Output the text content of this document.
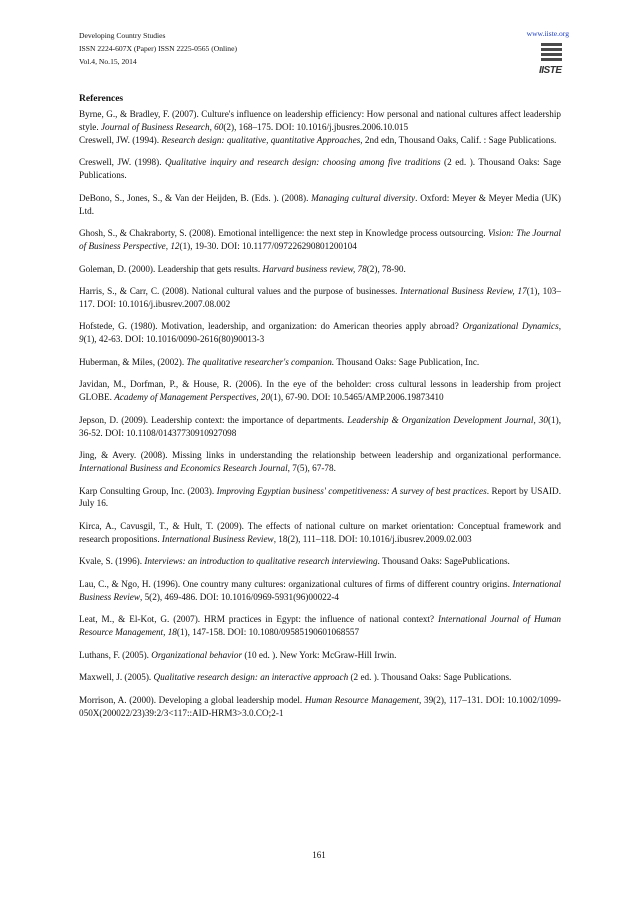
Developing Country Studies
ISSN 2224-607X (Paper) ISSN 2225-0565 (Online)
Vol.4, No.15, 2014
www.iiste.org
IISTE
References

Byrne, G., & Bradley, F. (2007). Culture's influence on leadership efficiency: How personal and national cultures affect leadership style. Journal of Business Research, 60(2), 168–175. DOI: 10.1016/j.jbusres.2006.10.015

Creswell, JW. (1994). Research design: qualitative, quantitative Approaches, 2nd edn, Thousand Oaks, Calif. : Sage Publications.

Creswell, JW. (1998). Qualitative inquiry and research design: choosing among five traditions (2 ed. ). Thousand Oaks: Sage Publications.

DeBono, S., Jones, S., & Van der Heijden, B. (Eds. ). (2008). Managing cultural diversity. Oxford: Meyer & Meyer Media (UK) Ltd.

Ghosh, S., & Chakraborty, S. (2008). Emotional intelligence: the next step in Knowledge process outsourcing. Vision: The Journal of Business Perspective, 12(1), 19-30. DOI: 10.1177/097226290801200104

Goleman, D. (2000). Leadership that gets results. Harvard business review, 78(2), 78-90.

Harris, S., & Carr, C. (2008). National cultural values and the purpose of businesses. International Business Review, 17(1), 103–117. DOI: 10.1016/j.ibusrev.2007.08.002

Hofstede, G. (1980). Motivation, leadership, and organization: do American theories apply abroad? Organizational Dynamics, 9(1), 42-63. DOI: 10.1016/0090-2616(80)90013-3

Huberman, & Miles, (2002). The qualitative researcher's companion. Thousand Oaks: Sage Publication, Inc.

Javidan, M., Dorfman, P., & House, R. (2006). In the eye of the beholder: cross cultural lessons in leadership from project GLOBE. Academy of Management Perspectives, 20(1), 67-90. DOI: 10.5465/AMP.2006.19873410

Jepson, D. (2009). Leadership context: the importance of departments. Leadership & Organization Development Journal, 30(1), 36-52. DOI: 10.1108/01437730910927098

Jing, & Avery. (2008). Missing links in understanding the relationship between leadership and organizational performance. International Business and Economics Research Journal, 7(5), 67-78.

Karp Consulting Group, Inc. (2003). Improving Egyptian business' competitiveness: A survey of best practices. Report by USAID. July 16.

Kirca, A., Cavusgil, T., & Hult, T. (2009). The effects of national culture on market orientation: Conceptual framework and research propositions. International Business Review, 18(2), 111–118. DOI: 10.1016/j.ibusrev.2009.02.003

Kvale, S. (1996). Interviews: an introduction to qualitative research interviewing. Thousand Oaks: SagePublications.

Lau, C., & Ngo, H. (1996). One country many cultures: organizational cultures of firms of different country origins. International Business Review, 5(2), 469-486. DOI: 10.1016/0969-5931(96)00022-4

Leat, M., & El-Kot, G. (2007). HRM practices in Egypt: the influence of national context? International Journal of Human Resource Management, 18(1), 147-158. DOI: 10.1080/09585190601068557

Luthans, F. (2005). Organizational behavior (10 ed. ). New York: McGraw-Hill Irwin.

Maxwell, J. (2005). Qualitative research design: an interactive approach (2 ed. ). Thousand Oaks: Sage Publications.

Morrison, A. (2000). Developing a global leadership model. Human Resource Management, 39(2), 117–131. DOI: 10.1002/1099-050X(200022/23)39:2/3<117::AID-HRM3>3.0.CO;2-1

161
